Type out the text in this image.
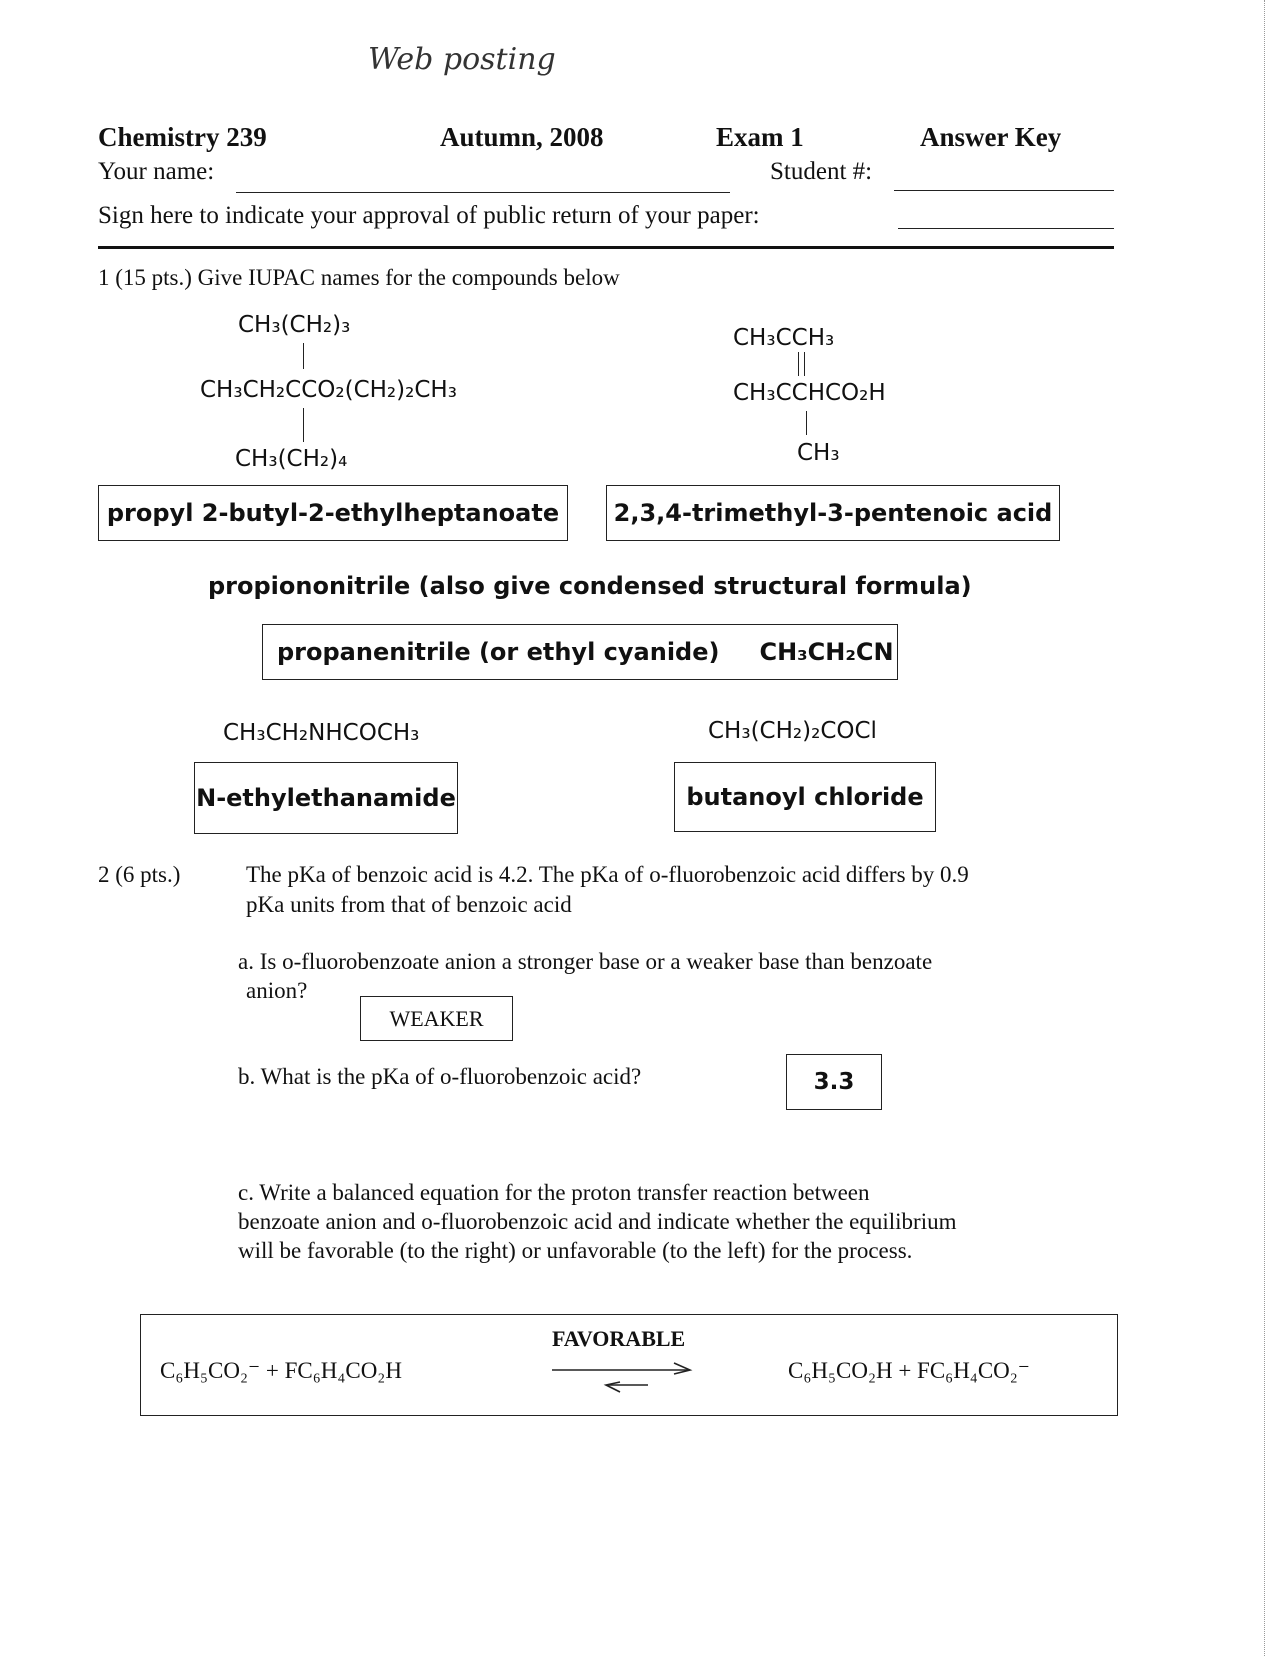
Web posting
Chemistry 239	Autumn, 2008	Exam 1	Answer Key
Your name:	Student #:
Sign here to indicate your approval of public return of your paper:
1 (15 pts.) Give IUPAC names for the compounds below
CH₃(CH₂)₃
CH₃CH₂CCO₂(CH₂)₂CH₃
CH₃(CH₂)₄
propyl 2-butyl-2-ethylheptanoate
CH₃CCH₃
CH₃CCHCO₂H
CH₃
2,3,4-trimethyl-3-pentenoic acid
propiononitrile (also give condensed structural formula)
propanenitrile (or ethyl cyanide) CH₃CH₂CN
CH₃CH₂NHCOCH₃
N-ethylethanamide
CH₃(CH₂)₂COCl
butanoyl chloride
2 (6 pts.)	The pKa of benzoic acid is 4.2. The pKa of o-fluorobenzoic acid differs by 0.9
pKa units from that of benzoic acid
a. Is o-fluorobenzoate anion a stronger base or a weaker base than benzoate
anion?
WEAKER
b. What is the pKa of o-fluorobenzoic acid?	3.3
c. Write a balanced equation for the proton transfer reaction between
benzoate anion and o-fluorobenzoic acid and indicate whether the equilibrium
will be favorable (to the right) or unfavorable (to the left) for the process.
C₆H₅CO₂⁻ + FC₆H₄CO₂H
FAVORABLE
C₆H₅CO₂H + FC₆H₄CO₂⁻
